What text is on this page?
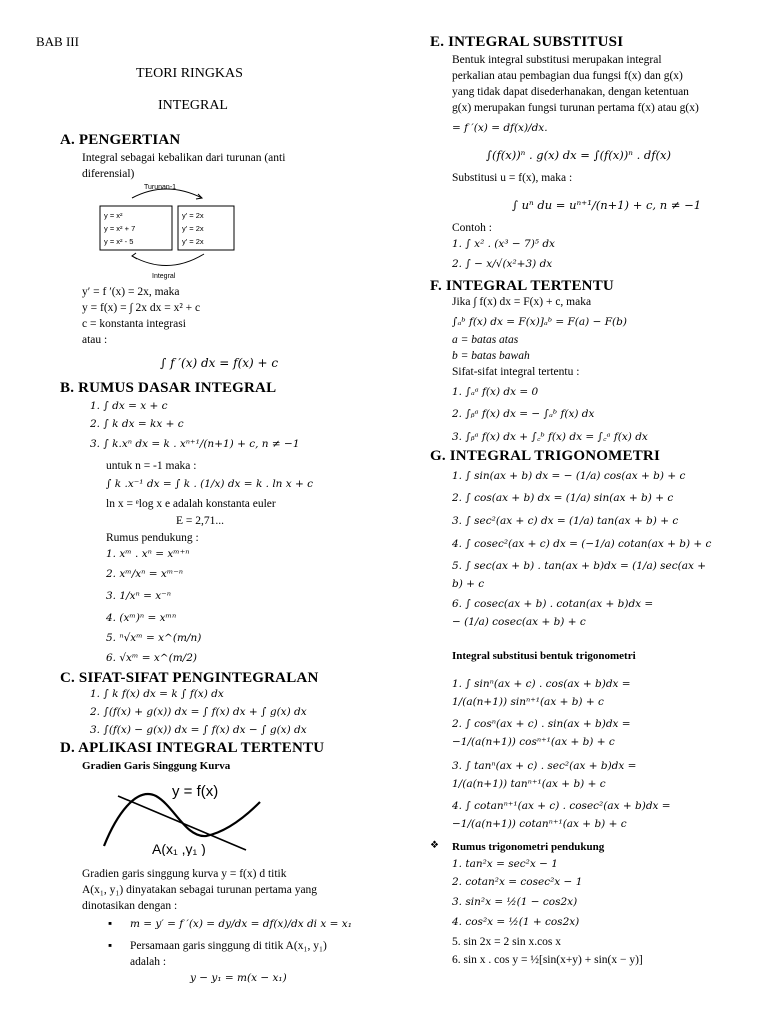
BAB III
TEORI RINGKAS
INTEGRAL
A. PENGERTIAN
Integral sebagai kebalikan dari turunan (anti
diferensial)
Turunan-1
y = x²
y = x² + 7
y = x² - 5
y' = 2x
y' = 2x
y' = 2x
Integral
y′ = f ′(x) = 2x, maka
y = f(x) = ∫ 2x dx = x² + c
c = konstanta integrasi
atau :
∫ f ′(x) dx = f(x) + c
B. RUMUS DASAR INTEGRAL
1. ∫ dx = x + c
2. ∫ k dx = kx + c
3. ∫ k.xⁿ dx = k . xⁿ⁺¹/(n+1) + c, n ≠ −1
untuk n = -1 maka :
∫ k .x⁻¹ dx = ∫ k . (1/x) dx = k . ln x + c
ln x = ᵉlog x e adalah konstanta euler
E = 2,71...
Rumus pendukung :
1. xᵐ . xⁿ = xᵐ⁺ⁿ
2. xᵐ/xⁿ = xᵐ⁻ⁿ
3. 1/xⁿ = x⁻ⁿ
4. (xᵐ)ⁿ = xᵐⁿ
5. ⁿ√xᵐ = x^(m/n)
6. √xᵐ = x^(m/2)
C. SIFAT-SIFAT PENGINTEGRALAN
1. ∫ k f(x) dx = k ∫ f(x) dx
2. ∫(f(x) + g(x)) dx = ∫ f(x) dx + ∫ g(x) dx
3. ∫(f(x) − g(x)) dx = ∫ f(x) dx − ∫ g(x) dx
D. APLIKASI INTEGRAL TERTENTU
Gradien Garis Singgung Kurva
y = f(x)
A(x₁ ,y₁ )
Gradien garis singgung kurva y = f(x) d titik
A(x₁, y₁) dinyatakan sebagai turunan pertama yang
dinotasikan dengan :
▪ m = y′ = f ′(x) = dy/dx = df(x)/dx di x = x₁
▪ Persamaan garis singgung di titik A(x₁, y₁)
adalah :
y − y₁ = m(x − x₁)
E. INTEGRAL SUBSTITUSI
Bentuk integral substitusi merupakan integral
perkalian atau pembagian dua fungsi f(x) dan g(x)
yang tidak dapat disederhanakan, dengan ketentuan
g(x) merupakan fungsi turunan pertama f(x) atau g(x)
= f ′(x) = df(x)/dx.
∫(f(x))ⁿ . g(x) dx = ∫(f(x))ⁿ . df(x)
Substitusi u = f(x), maka :
∫ uⁿ du = uⁿ⁺¹/(n+1) + c, n ≠ −1
Contoh :
1. ∫ x² . (x³ − 7)⁵ dx
2. ∫ − x/√(x²+3) dx
F. INTEGRAL TERTENTU
Jika ∫ f(x) dx = F(x) + c, maka
∫ₐᵇ f(x) dx = F(x)]ₐᵇ = F(a) − F(b)
a = batas atas
b = batas bawah
Sifat-sifat integral tertentu :
1. ∫ₐᵃ f(x) dx = 0
2. ∫ᵦᵃ f(x) dx = − ∫ₐᵇ f(x) dx
3. ∫ᵦᵃ f(x) dx + ∫꜀ᵇ f(x) dx = ∫꜀ᵃ f(x) dx
G. INTEGRAL TRIGONOMETRI
1. ∫ sin(ax + b) dx = − (1/a) cos(ax + b) + c
2. ∫ cos(ax + b) dx = (1/a) sin(ax + b) + c
3. ∫ sec²(ax + c) dx = (1/a) tan(ax + b) + c
4. ∫ cosec²(ax + c) dx = (−1/a) cotan(ax + b) + c
5. ∫ sec(ax + b) . tan(ax + b)dx = (1/a) sec(ax +
b) + c
6. ∫ cosec(ax + b) . cotan(ax + b)dx =
− (1/a) cosec(ax + b) + c
Integral substitusi bentuk trigonometri
1. ∫ sinⁿ(ax + c) . cos(ax + b)dx =
1/(a(n+1)) sinⁿ⁺¹(ax + b) + c
2. ∫ cosⁿ(ax + c) . sin(ax + b)dx =
−1/(a(n+1)) cosⁿ⁺¹(ax + b) + c
3. ∫ tanⁿ(ax + c) . sec²(ax + b)dx =
1/(a(n+1)) tanⁿ⁺¹(ax + b) + c
4. ∫ cotanⁿ⁺¹(ax + c) . cosec²(ax + b)dx =
−1/(a(n+1)) cotanⁿ⁺¹(ax + b) + c
❖ Rumus trigonometri pendukung
1. tan²x = sec²x − 1
2. cotan²x = cosec²x − 1
3. sin²x = ½(1 − cos2x)
4. cos²x = ½(1 + cos2x)
5. sin 2x = 2 sin x.cos x
6. sin x . cos y = ½[sin(x+y) + sin(x − y)]
